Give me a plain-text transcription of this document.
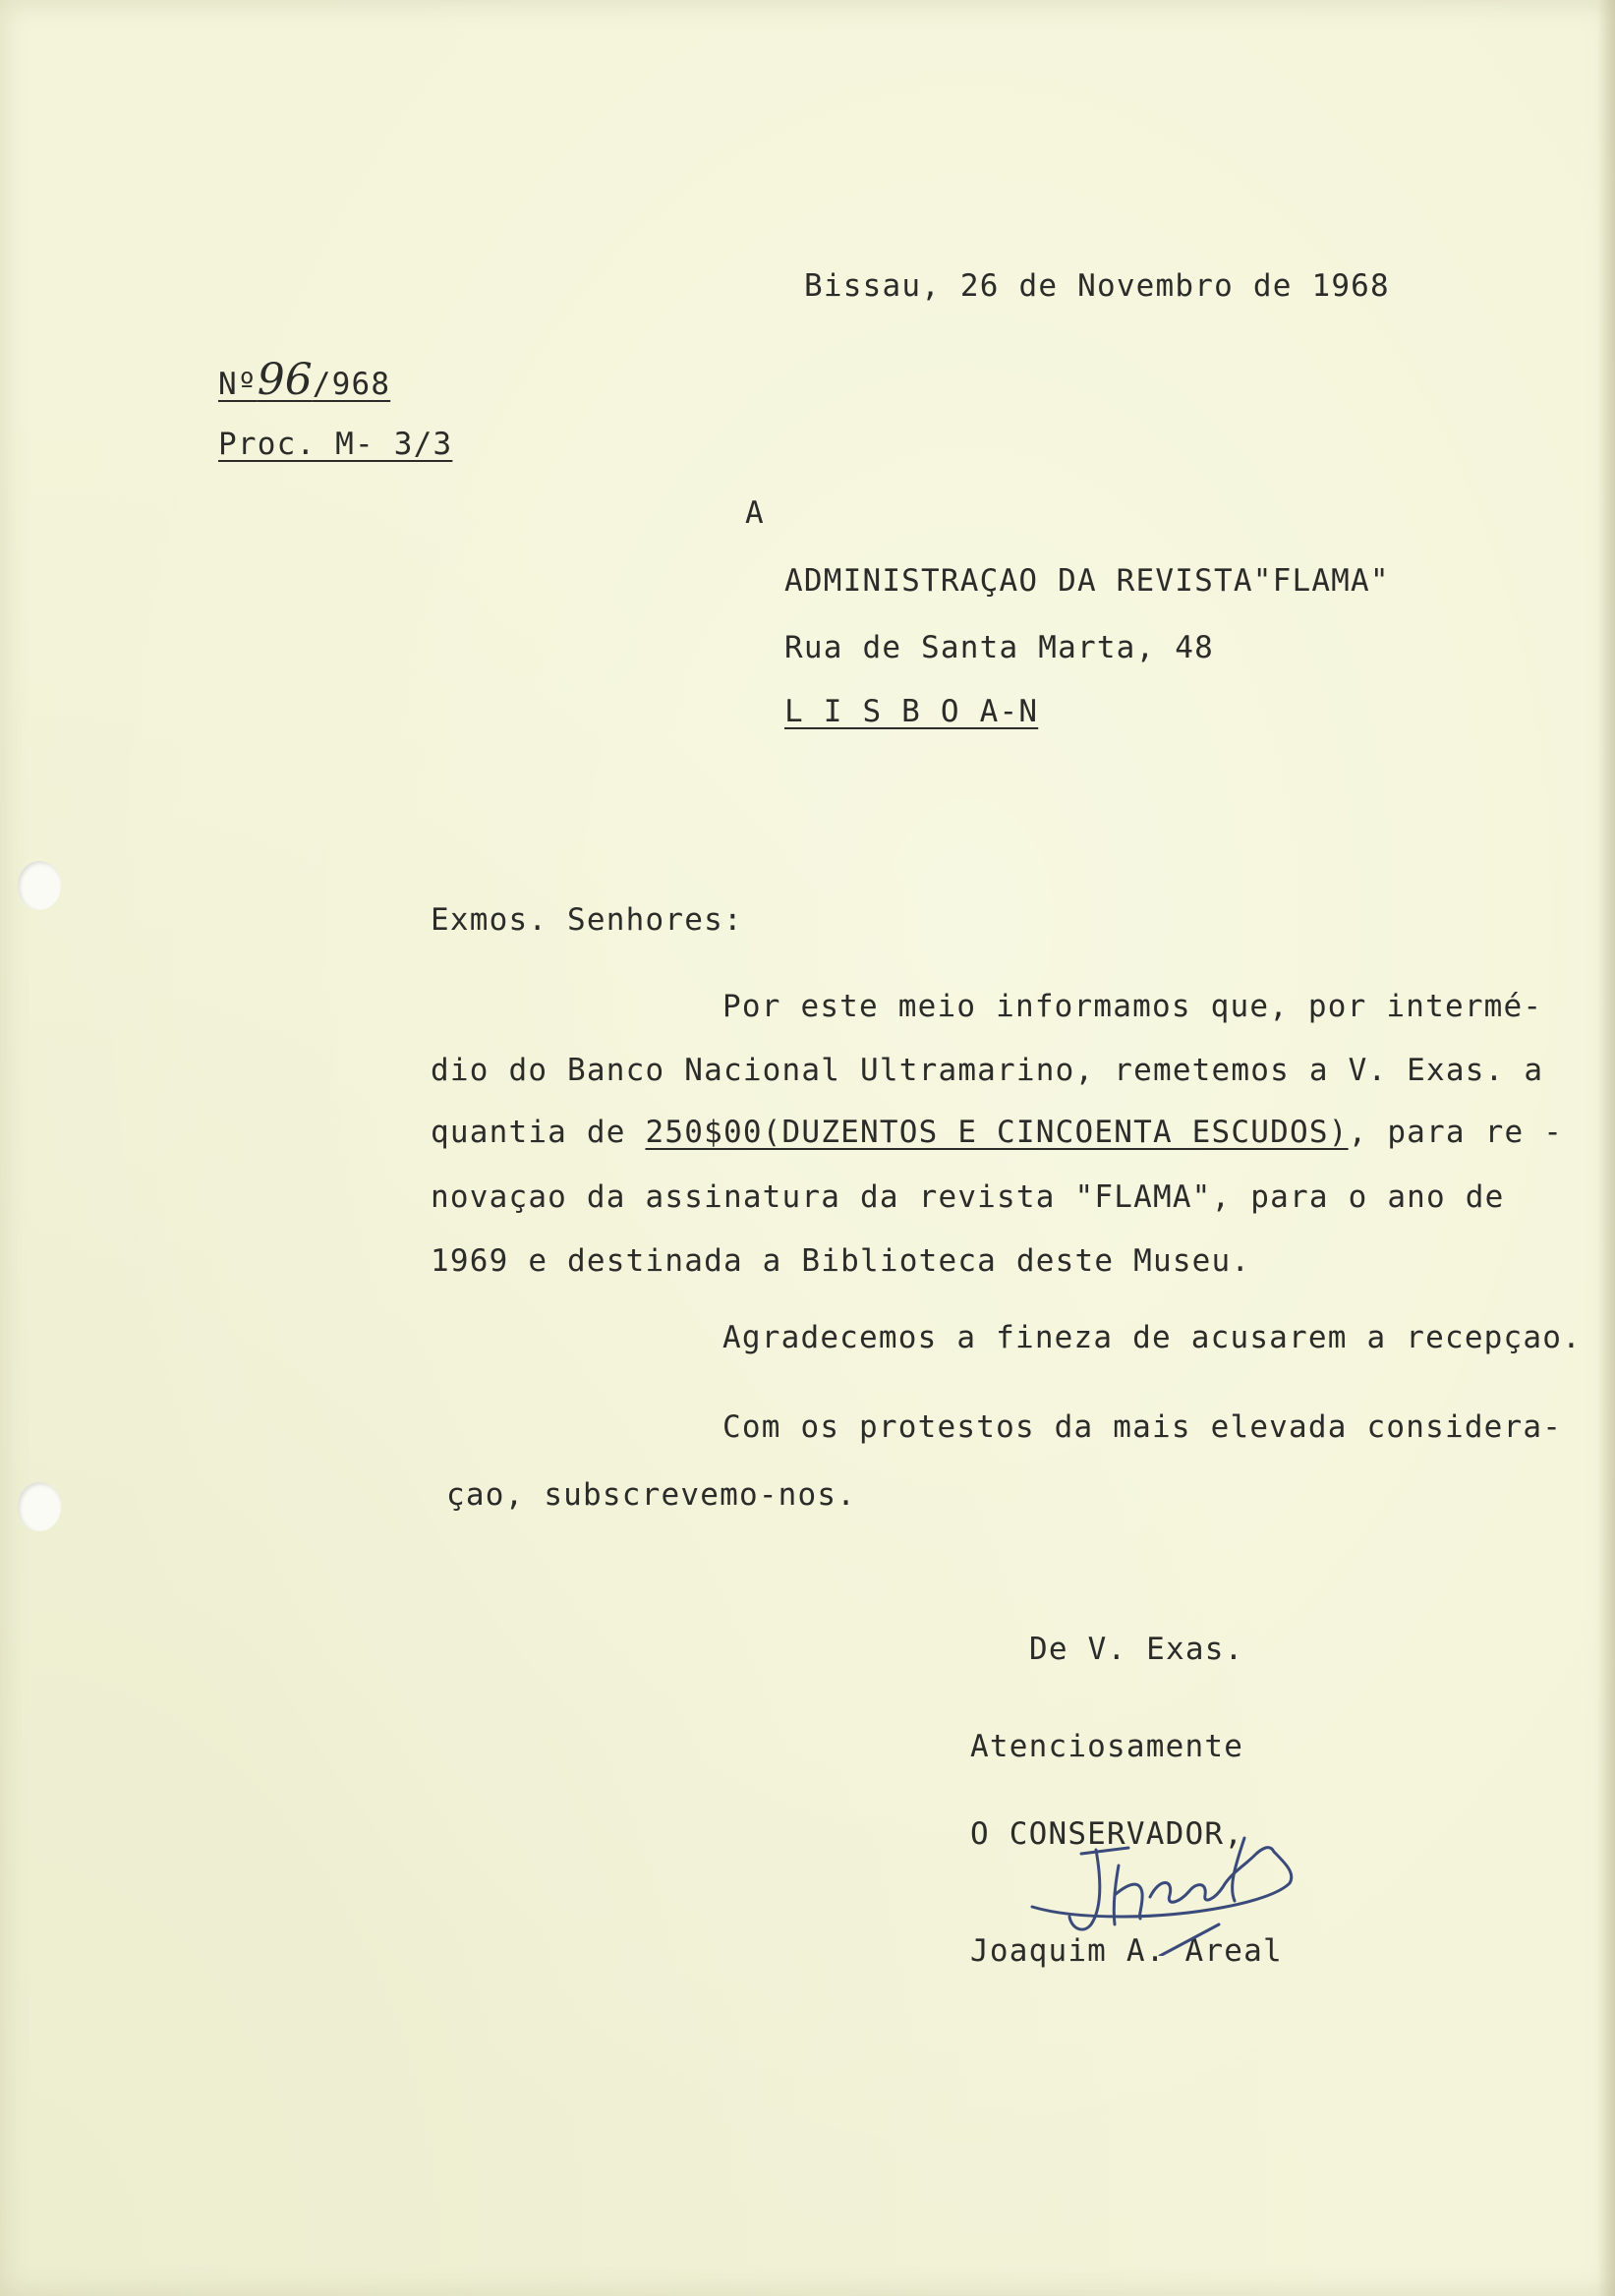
Bissau, 26 de Novembro de 1968
Nº96/968
Proc. M- 3/3
A
ADMINISTRAÇAO DA REVISTA"FLAMA"
Rua de Santa Marta, 48
L I S B O A-N
Exmos. Senhores:
Por este meio informamos que, por intermé-
dio do Banco Nacional Ultramarino, remetemos a V. Exas. a
quantia de 250$00(DUZENTOS E CINCOENTA ESCUDOS), para re -
novaçao da assinatura da revista "FLAMA", para o ano de
1969 e destinada a Biblioteca deste Museu.
Agradecemos a fineza de acusarem a recepçao.
Com os protestos da mais elevada considera-
çao, subscrevemo-nos.
De V. Exas.
Atenciosamente
O CONSERVADOR,
Joaquim A. Areal
